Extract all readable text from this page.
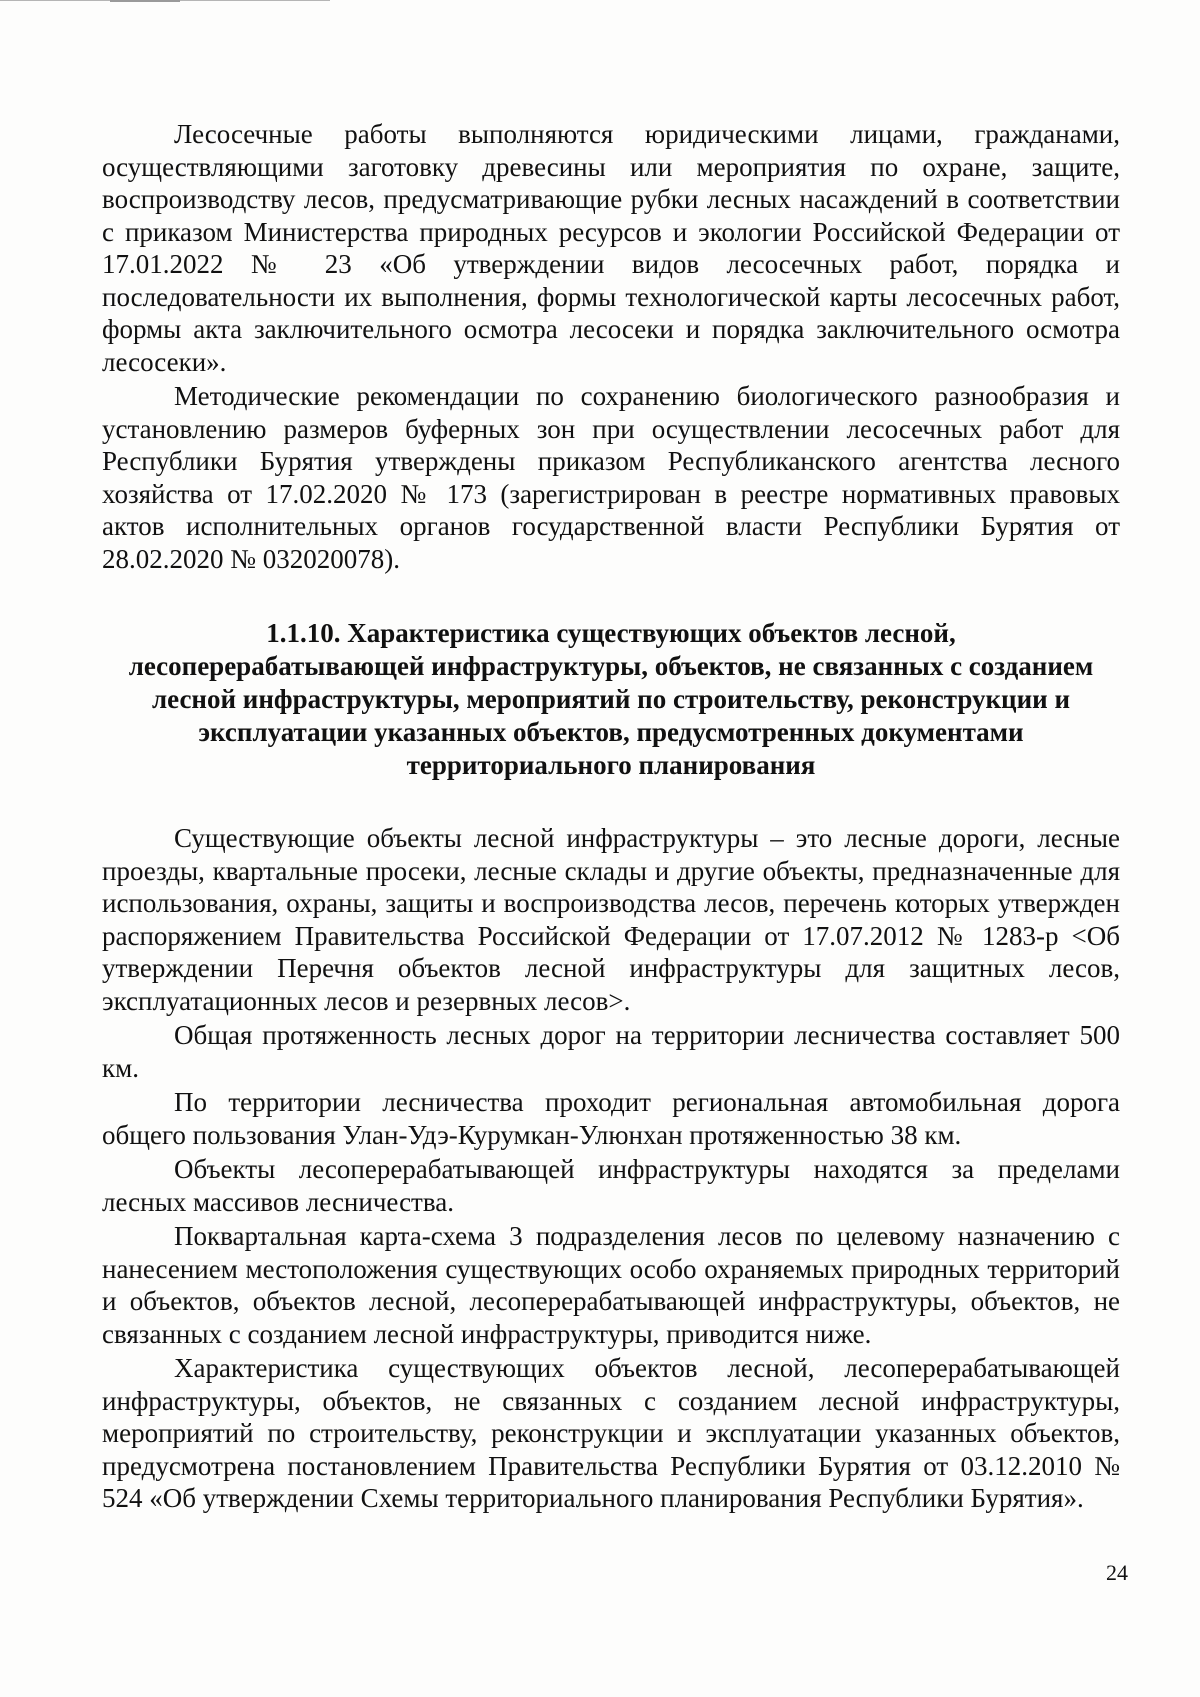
Лесосечные работы выполняются юридическими лицами, гражданами, осуществляющими заготовку древесины или мероприятия по охране, защите, воспроизводству лесов, предусматривающие рубки лесных насаждений в соответствии с приказом Министерства природных ресурсов и экологии Российской Федерации от 17.01.2022 № 23 «Об утверждении видов лесосечных работ, порядка и последовательности их выполнения, формы технологической карты лесосечных работ, формы акта заключительного осмотра лесосеки и порядка заключительного осмотра лесосеки».

Методические рекомендации по сохранению биологического разнообразия и установлению размеров буферных зон при осуществлении лесосечных работ для Республики Бурятия утверждены приказом Республиканского агентства лесного хозяйства от 17.02.2020 № 173 (зарегистрирован в реестре нормативных правовых актов исполнительных органов государственной власти Республики Бурятия от 28.02.2020 № 032020078).

1.1.10. Характеристика существующих объектов лесной, лесоперерабатывающей инфраструктуры, объектов, не связанных с созданием лесной инфраструктуры, мероприятий по строительству, реконструкции и эксплуатации указанных объектов, предусмотренных документами территориального планирования

Существующие объекты лесной инфраструктуры – это лесные дороги, лесные проезды, квартальные просеки, лесные склады и другие объекты, предназначенные для использования, охраны, защиты и воспроизводства лесов, перечень которых утвержден распоряжением Правительства Российской Федерации от 17.07.2012 № 1283-р <Об утверждении Перечня объектов лесной инфраструктуры для защитных лесов, эксплуатационных лесов и резервных лесов>.

Общая протяженность лесных дорог на территории лесничества составляет 500 км.

По территории лесничества проходит региональная автомобильная дорога общего пользования Улан-Удэ-Курумкан-Улюнхан протяженностью 38 км.

Объекты лесоперерабатывающей инфраструктуры находятся за пределами лесных массивов лесничества.

Поквартальная карта-схема 3 подразделения лесов по целевому назначению с нанесением местоположения существующих особо охраняемых природных территорий и объектов, объектов лесной, лесоперерабатывающей инфраструктуры, объектов, не связанных с созданием лесной инфраструктуры, приводится ниже.

Характеристика существующих объектов лесной, лесоперерабатывающей инфраструктуры, объектов, не связанных с созданием лесной инфраструктуры, мероприятий по строительству, реконструкции и эксплуатации указанных объектов, предусмотрена постановлением Правительства Республики Бурятия от 03.12.2010 № 524 «Об утверждении Схемы территориального планирования Республики Бурятия».

24
